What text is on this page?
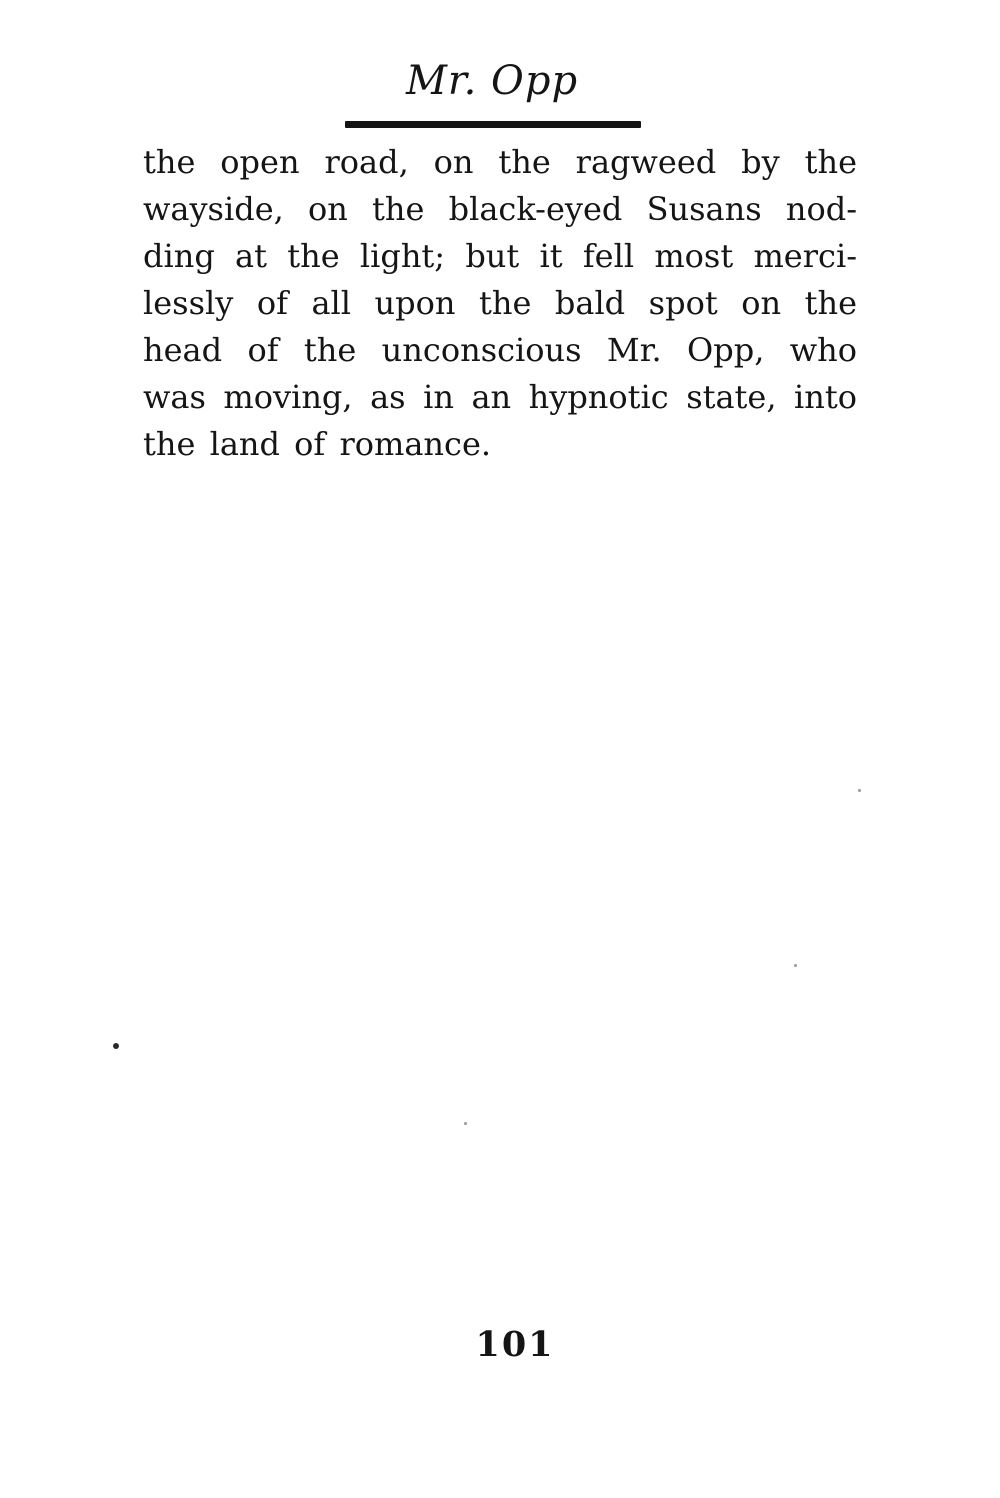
Mr. Opp
the open road, on the ragweed by the
wayside, on the black-eyed Susans nod-
ding at the light; but it fell most merci-
lessly of all upon the bald spot on the
head of the unconscious Mr. Opp, who
was moving, as in an hypnotic state, into
the land of romance.
101
